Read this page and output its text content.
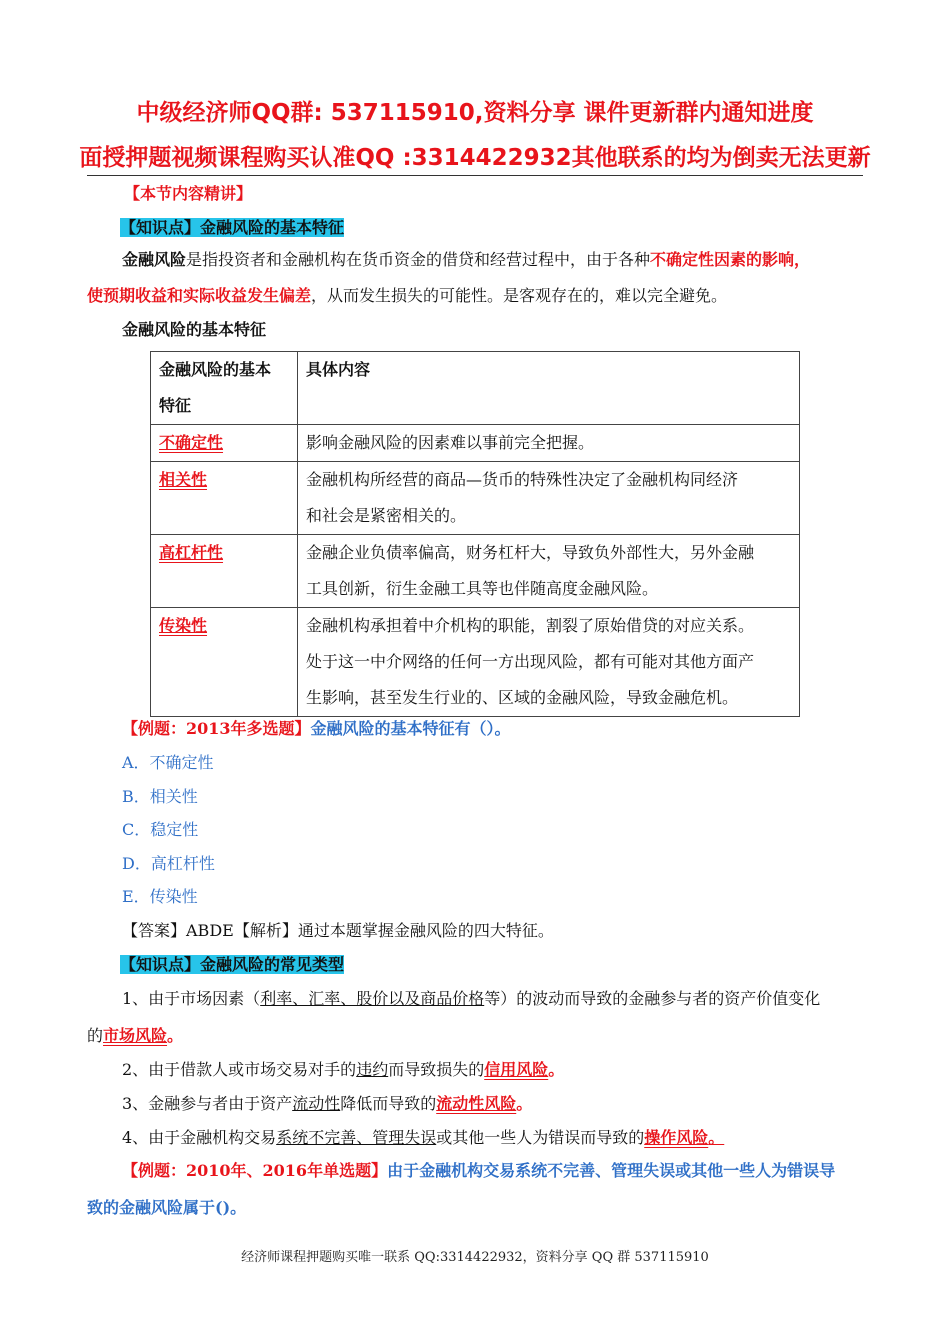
中级经济师QQ群: 537115910,资料分享 课件更新群内通知进度
面授押题视频课程购买认准QQ :3314422932其他联系的均为倒卖无法更新
【本节内容精讲】
【知识点】金融风险的基本特征
金融风险是指投资者和金融机构在货币资金的借贷和经营过程中，由于各种不确定性因素的影响，
使预期收益和实际收益发生偏差，从而发生损失的可能性。是客观存在的，难以完全避免。
金融风险的基本特征
金融风险的基本
特征	具体内容
不确定性	影响金融风险的因素难以事前完全把握。

相关性	金融机构所经营的商品—货币的特殊性决定了金融机构同经济
和社会是紧密相关的。

高杠杆性	金融企业负债率偏高，财务杠杆大，导致负外部性大，另外金融
工具创新，衍生金融工具等也伴随高度金融风险。

传染性	金融机构承担着中介机构的职能，割裂了原始借贷的对应关系。
处于这一中介网络的任何一方出现风险，都有可能对其他方面产
生影响，甚至发生行业的、区域的金融风险，导致金融危机。
【例题：2013年多选题】金融风险的基本特征有（）。
A．不确定性
B．相关性
C．稳定性
D．高杠杆性
E．传染性
【答案】ABDE【解析】通过本题掌握金融风险的四大特征。
【知识点】金融风险的常见类型
1、由于市场因素（利率、汇率、股价以及商品价格等）的波动而导致的金融参与者的资产价值变化
的市场风险。
2、由于借款人或市场交易对手的违约而导致损失的信用风险。
3、金融参与者由于资产流动性降低而导致的流动性风险。
4、由于金融机构交易系统不完善、管理失误或其他一些人为错误而导致的操作风险。
【例题：2010年、2016年单选题】由于金融机构交易系统不完善、管理失误或其他一些人为错误导
致的金融风险属于()。
经济师课程押题购买唯一联系 QQ:3314422932，资料分享 QQ 群 537115910
